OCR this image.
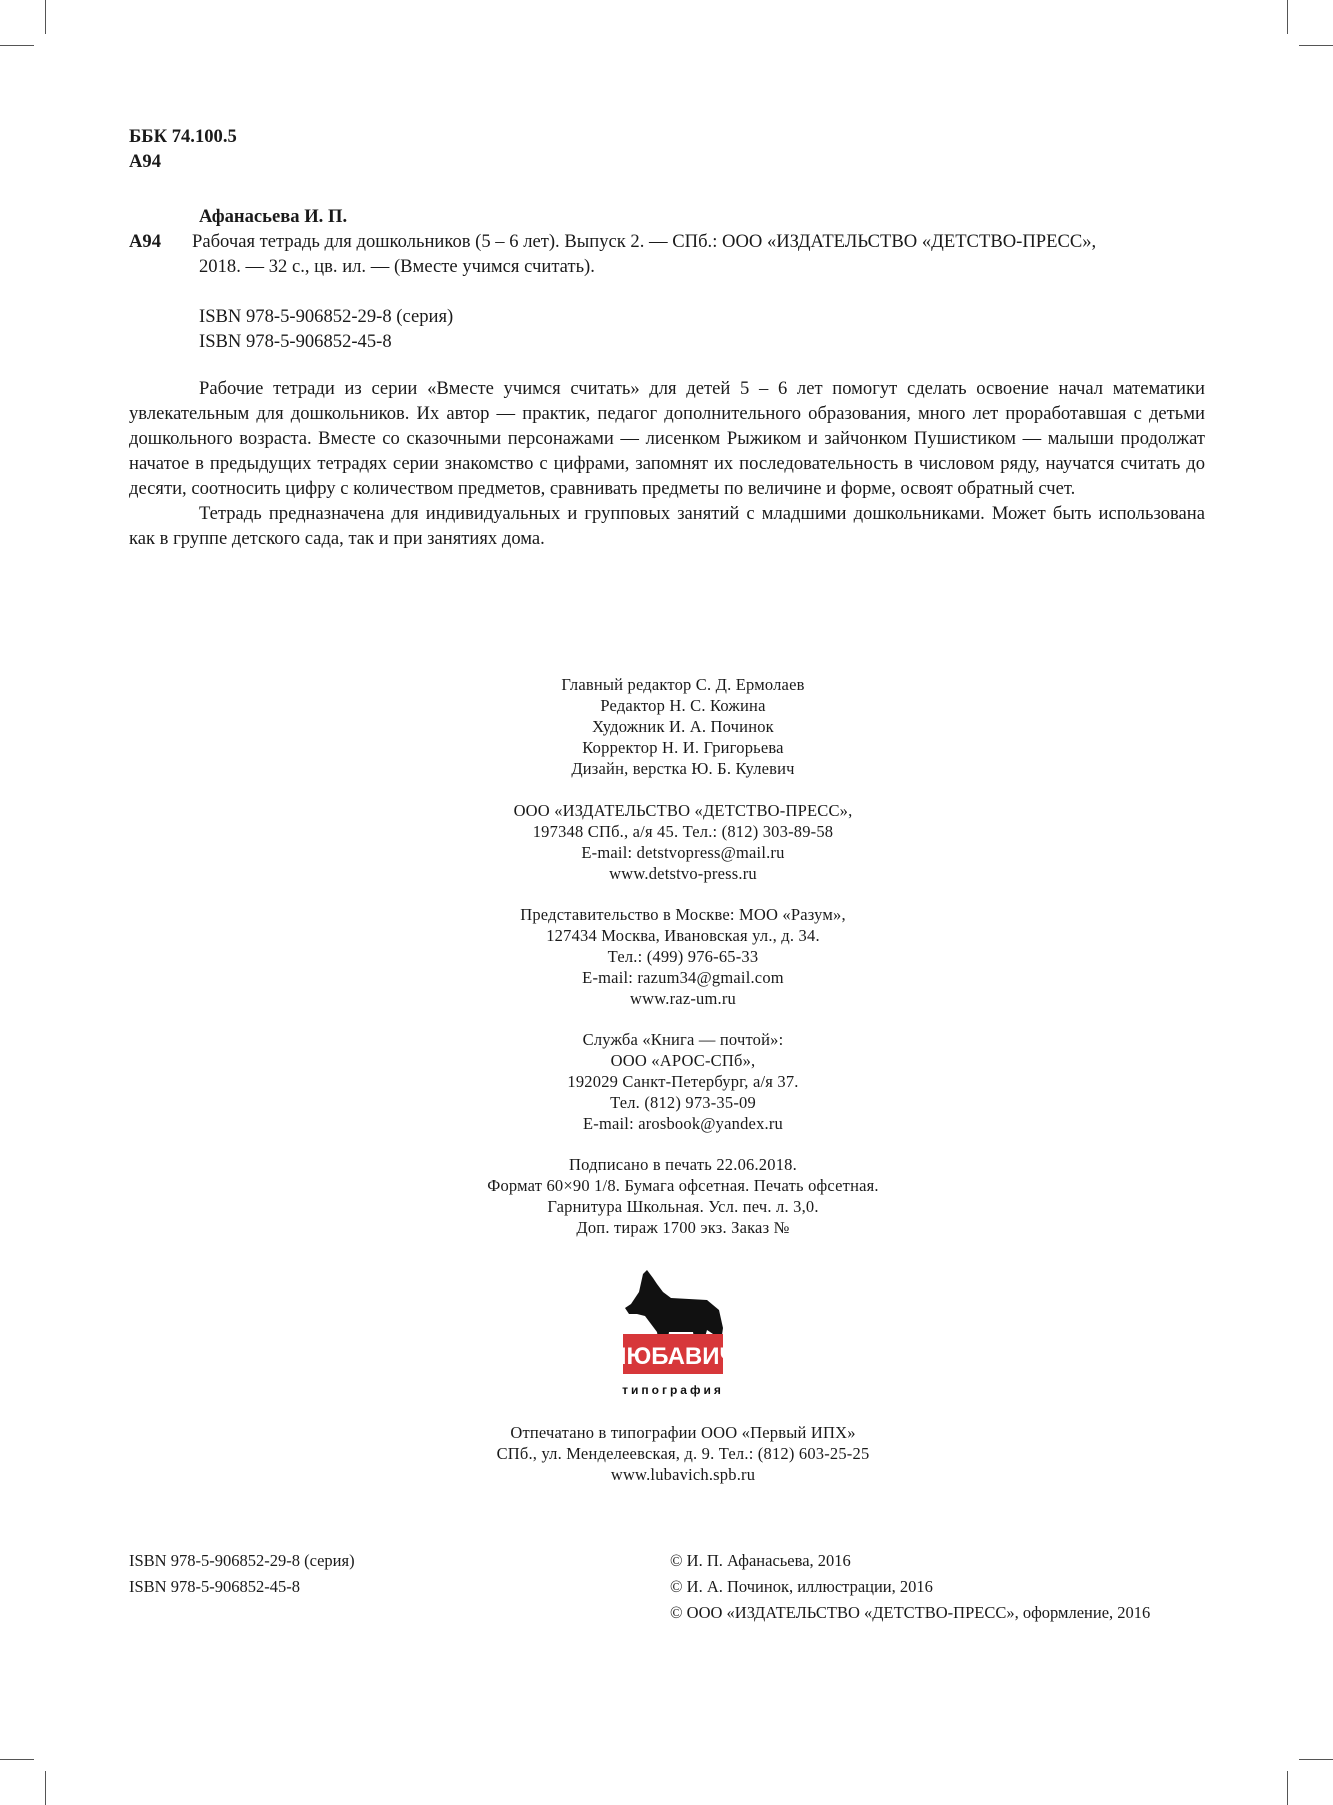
ББК 74.100.5
А94
Афанасьева И. П.
А94	Рабочая тетрадь для дошкольников (5 – 6 лет). Выпуск 2. — СПб.: ООО «ИЗДАТЕЛЬСТВО «ДЕТСТВО-ПРЕСС»,
2018. — 32 с., цв. ил. — (Вместе учимся считать).
ISBN 978-5-906852-29-8 (серия)
ISBN 978-5-906852-45-8

Рабочие тетради из серии «Вместе учимся считать» для детей 5 – 6 лет помогут сделать освоение начал математики увлекательным для дошкольников. Их автор — практик, педагог дополнительного образования, много лет проработавшая с детьми дошкольного возраста. Вместе со сказочными персонажами — лисенком Рыжиком и зайчонком Пушистиком — малыши продолжат начатое в предыдущих тетрадях серии знакомство с цифрами, запомнят их последовательность в числовом ряду, научатся считать до десяти, соотносить цифру с количеством предметов, сравнивать предметы по величине и форме, освоят обратный счет.

Тетрадь предназначена для индивидуальных и групповых занятий с младшими дошкольниками. Может быть использована как в группе детского сада, так и при занятиях дома.

Главный редактор С. Д. Ермолаев
Редактор Н. С. Кожина
Художник И. А. Починок
Корректор Н. И. Григорьева
Дизайн, верстка Ю. Б. Кулевич
ООО «ИЗДАТЕЛЬСТВО «ДЕТСТВО-ПРЕСС»,
197348 СПб., а/я 45. Тел.: (812) 303-89-58
E-mail: detstvopress@mail.ru
www.detstvo-press.ru
Представительство в Москве: МОО «Разум»,
127434 Москва, Ивановская ул., д. 34.
Тел.: (499) 976-65-33
E-mail: razum34@gmail.com
www.raz-um.ru
Служба «Книга — почтой»:
ООО «АРОС-СПб»,
192029 Санкт-Петербург, а/я 37.
Тел. (812) 973-35-09
E-mail: arosbook@yandex.ru
Подписано в печать 22.06.2018.
Формат 60×90 1/8. Бумага офсетная. Печать офсетная.
Гарнитура Школьная. Усл. печ. л. 3,0.
Доп. тираж 1700 экз. Заказ №
ЛЮБАВИЧ
типография
Отпечатано в типографии ООО «Первый ИПХ»
СПб., ул. Менделеевская, д. 9. Тел.: (812) 603-25-25
www.lubavich.spb.ru
ISBN 978-5-906852-29-8 (серия)
ISBN 978-5-906852-45-8
© И. П. Афанасьева, 2016
© И. А. Починок, иллюстрации, 2016
© ООО «ИЗДАТЕЛЬСТВО «ДЕТСТВО-ПРЕСС», оформление, 2016
